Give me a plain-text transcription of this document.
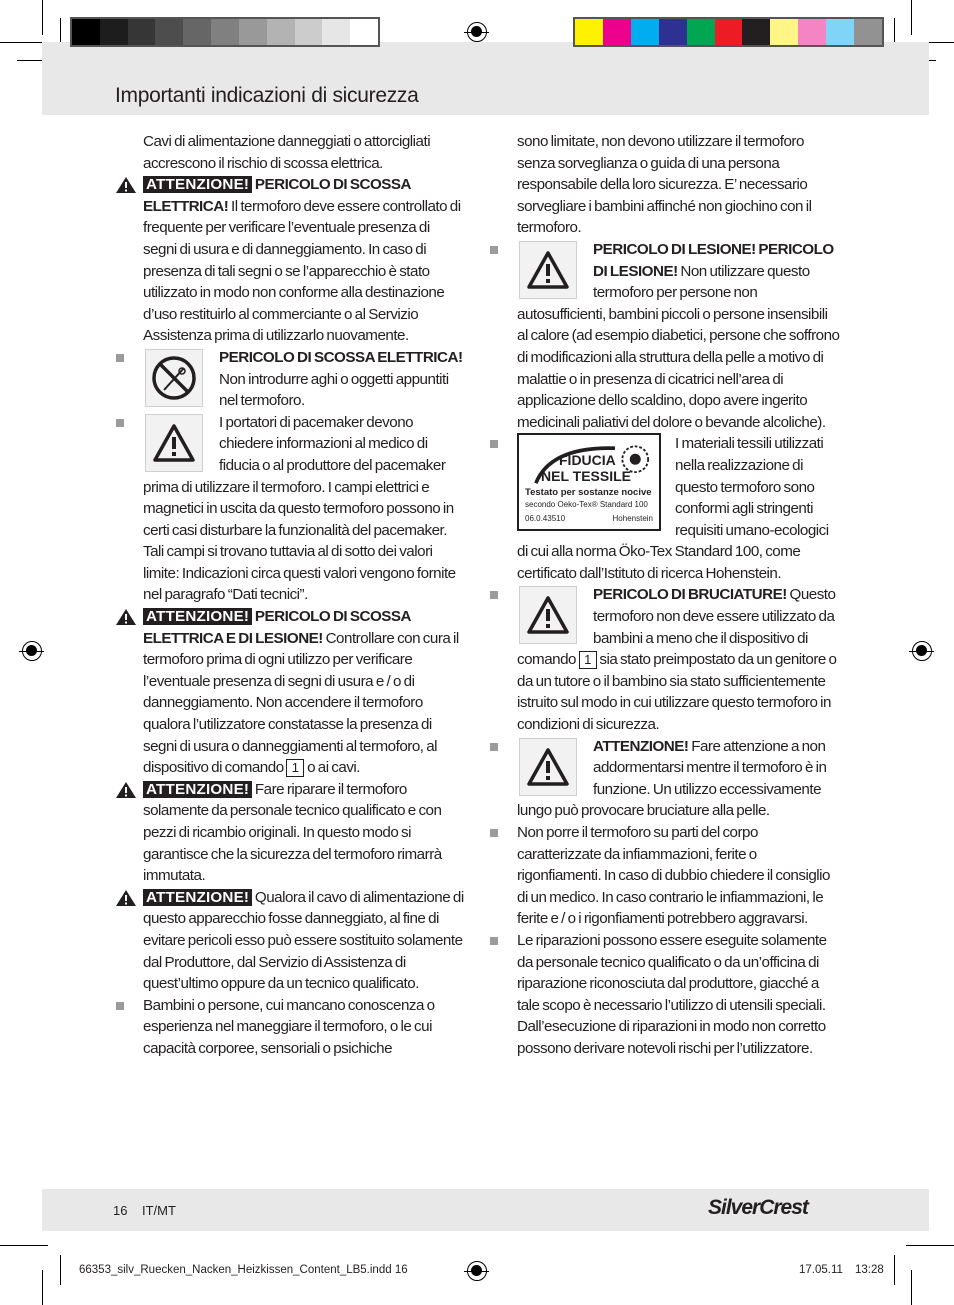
Importanti indicazioni di sicurezza
Cavi di alimentazione danneggiati o attorcigliati accrescono il rischio di scossa elettrica.
ATTENZIONE! PERICOLO DI SCOSSA ELETTRICA! Il termoforo deve essere controllato di frequente per verificare l’eventuale presenza di segni di usura e di danneggiamento. In caso di presenza di tali segni o se l’apparecchio è stato utilizzato in modo non conforme alla destinazione d’uso restituirlo al commerciante o al Servizio Assistenza prima di utilizzarlo nuovamente.
PERICOLO DI SCOSSA ELETTRICA! Non introdurre aghi o oggetti appuntiti nel termoforo.
I portatori di pacemaker devono chiedere informazioni al medico di fiducia o al produttore del pacemaker prima di utilizzare il termoforo. I campi elettrici e magnetici in uscita da questo termoforo possono in certi casi disturbare la funzionalità del pacemaker. Tali campi si trovano tuttavia al di sotto dei valori limite: Indicazioni circa questi valori vengono fornite nel paragrafo “Dati tecnici”.
ATTENZIONE! PERICOLO DI SCOSSA ELETTRICA E DI LESIONE! Controllare con cura il termoforo prima di ogni utilizzo per verificare l’eventuale presenza di segni di usura e / o di danneggiamento. Non accendere il termoforo qualora l’utilizzatore constatasse la presenza di segni di usura o danneggiamenti al termoforo, al dispositivo di comando 1 o ai cavi.
ATTENZIONE! Fare riparare il termoforo solamente da personale tecnico qualificato e con pezzi di ricambio originali. In questo modo si garantisce che la sicurezza del termoforo rimarrà immutata.
ATTENZIONE! Qualora il cavo di alimentazione di questo apparecchio fosse danneggiato, al fine di evitare pericoli esso può essere sostituito solamente dal Produttore, dal Servizio di Assistenza di quest’ultimo oppure da un tecnico qualificato.
Bambini o persone, cui mancano conoscenza o esperienza nel maneggiare il termoforo, o le cui capacità corporee, sensoriali o psichiche
sono limitate, non devono utilizzare il termoforo senza sorveglianza o guida di una persona responsabile della loro sicurezza. E’ necessario sorvegliare i bambini affinché non giochino con il termoforo.
PERICOLO DI LESIONE! PERICOLO DI LESIONE! Non utilizzare questo termoforo per persone non autosufficienti, bambini piccoli o persone insensibili al calore (ad esempio diabetici, persone che soffrono di modificazioni alla struttura della pelle a motivo di malattie o in presenza di cicatrici nell’area di applicazione dello scaldino, dopo avere ingerito medicinali paliativi del dolore o bevande alcoliche).
FIDUCIA
NEL TESSILE
Testato per sostanze nocive
secondo Oeko-Tex® Standard 100
06.0.43510	Hohenstein
I materiali tessili utilizzati nella realizzazione di questo termoforo sono conformi agli stringenti requisiti umano-ecologici di cui alla norma Öko-Tex Standard 100, come certificato dall’Istituto di ricerca Hohenstein.
PERICOLO DI BRUCIATURE! Questo termoforo non deve essere utilizzato da bambini a meno che il dispositivo di comando 1 sia stato preimpostato da un genitore o da un tutore o il bambino sia stato sufficientemente istruito sul modo in cui utilizzare questo termoforo in condizioni di sicurezza.
ATTENZIONE! Fare attenzione a non addormentarsi mentre il termoforo è in funzione. Un utilizzo eccessivamente lungo può provocare bruciature alla pelle.
Non porre il termoforo su parti del corpo caratterizzate da infiammazioni, ferite o rigonfiamenti. In caso di dubbio chiedere il consiglio di un medico. In caso contrario le infiammazioni, le ferite e / o i rigonfiamenti potrebbero aggravarsi.
Le riparazioni possono essere eseguite solamente da personale tecnico qualificato o da un’officina di riparazione riconosciuta dal produttore, giacché a tale scopo è necessario l’utilizzo di utensili speciali. Dall’esecuzione di riparazioni in modo non corretto possono derivare notevoli rischi per l’utilizzatore.
16 IT/MT	SilverCrest
66353_silv_Ruecken_Nacken_Heizkissen_Content_LB5.indd 16	17.05.11 13:28
